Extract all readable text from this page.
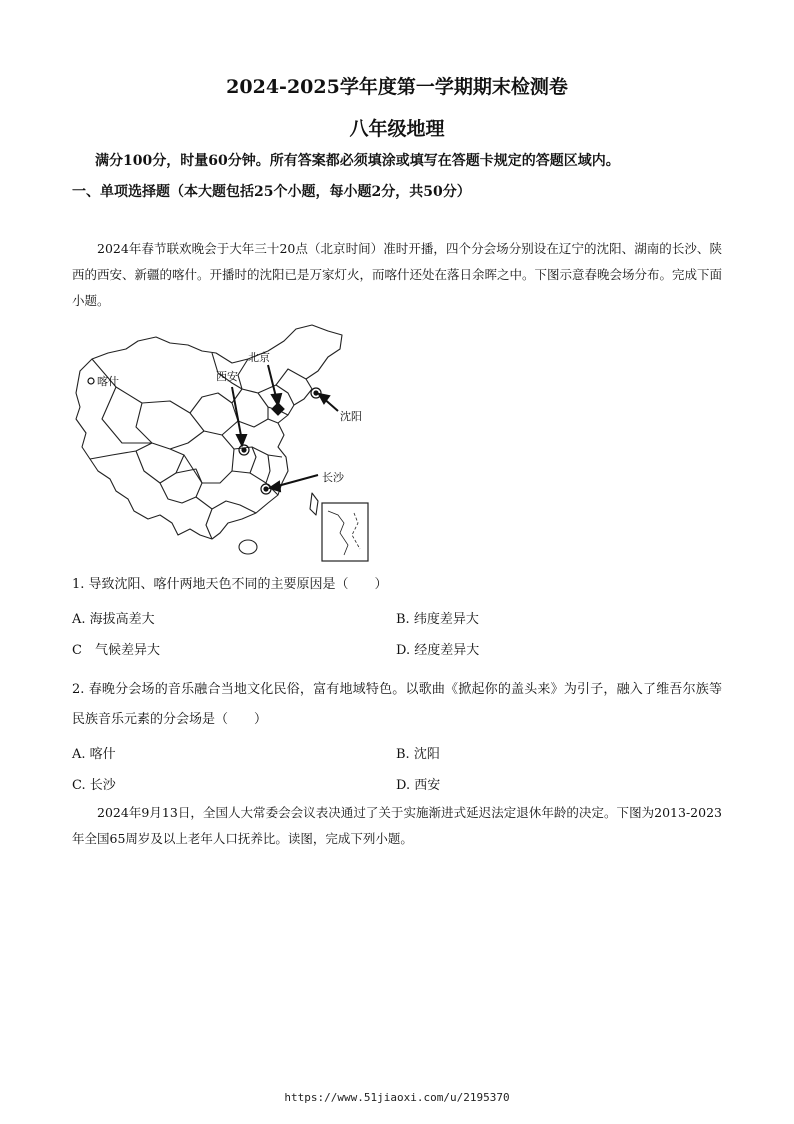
2024-2025学年度第一学期期末检测卷
八年级地理
满分100分，时量60分钟。所有答案都必须填涂或填写在答题卡规定的答题区域内。
一、单项选择题（本大题包括25个小题，每小题2分，共50分）
2024年春节联欢晚会于大年三十20点（北京时间）准时开播，四个分会场分别设在辽宁的沈阳、湖南的长沙、陕西的西安、新疆的喀什。开播时的沈阳已是万家灯火，而喀什还处在落日余晖之中。下图示意春晚会场分布。完成下面小题。
喀什	西安
北京
沈阳
长沙
1. 导致沈阳、喀什两地天色不同的主要原因是（　　）
A. 海拔高差大	B. 纬度差异大
C　气候差异大	D. 经度差异大
2. 春晚分会场的音乐融合当地文化民俗，富有地域特色。以歌曲《掀起你的盖头来》为引子，融入了维吾尔族等民族音乐元素的分会场是（　　）
A. 喀什	B. 沈阳
C. 长沙	D. 西安
2024年9月13日，全国人大常委会会议表决通过了关于实施渐进式延迟法定退休年龄的决定。下图为2013-2023年全国65周岁及以上老年人口抚养比。读图，完成下列小题。
https://www.51jiaoxi.com/u/2195370
